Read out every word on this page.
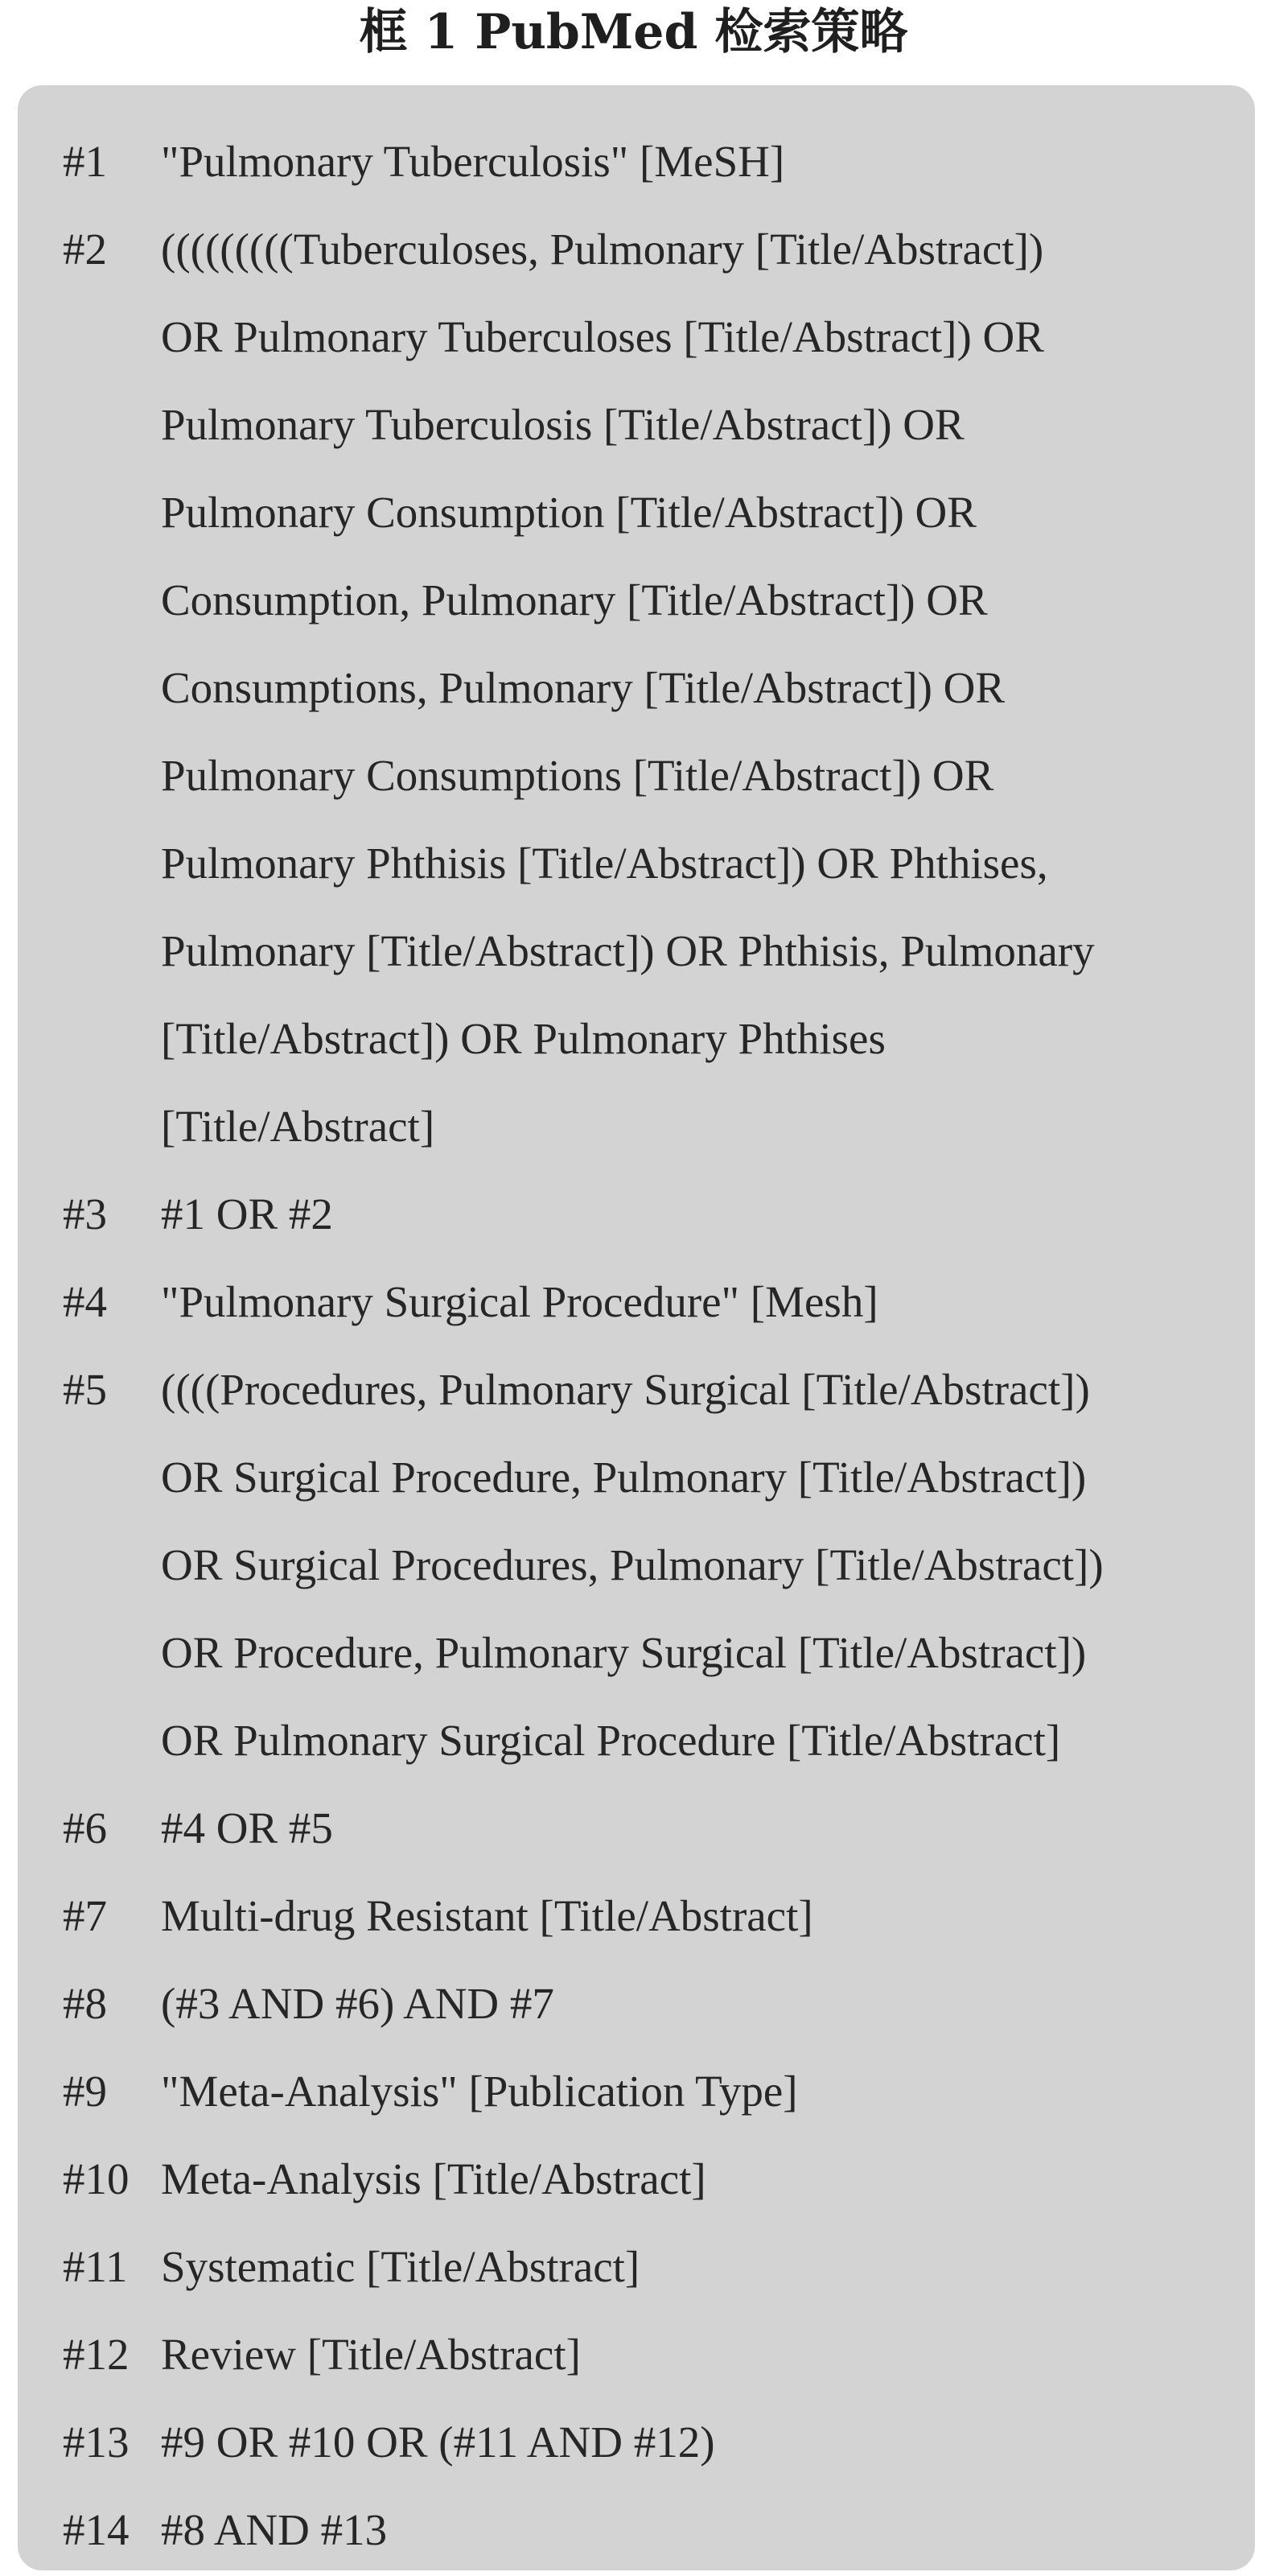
框 1 PubMed 检索策略
#1	"Pulmonary Tuberculosis" [MeSH]
#2	(((((((((Tuberculoses, Pulmonary [Title/Abstract])
OR Pulmonary Tuberculoses [Title/Abstract]) OR
Pulmonary Tuberculosis [Title/Abstract]) OR
Pulmonary Consumption [Title/Abstract]) OR
Consumption, Pulmonary [Title/Abstract]) OR
Consumptions, Pulmonary [Title/Abstract]) OR
Pulmonary Consumptions [Title/Abstract]) OR
Pulmonary Phthisis [Title/Abstract]) OR Phthises,
Pulmonary [Title/Abstract]) OR Phthisis, Pulmonary
[Title/Abstract]) OR Pulmonary Phthises
[Title/Abstract]
#3	#1 OR #2
#4	"Pulmonary Surgical Procedure" [Mesh]
#5	((((Procedures, Pulmonary Surgical [Title/Abstract])
OR Surgical Procedure, Pulmonary [Title/Abstract])
OR Surgical Procedures, Pulmonary [Title/Abstract])
OR Procedure, Pulmonary Surgical [Title/Abstract])
OR Pulmonary Surgical Procedure [Title/Abstract]
#6	#4 OR #5
#7	Multi-drug Resistant [Title/Abstract]
#8	(#3 AND #6) AND #7
#9	"Meta-Analysis" [Publication Type]
#10 Meta-Analysis [Title/Abstract]
#11 Systematic [Title/Abstract]
#12 Review [Title/Abstract]
#13 #9 OR #10 OR (#11 AND #12)
#14 #8 AND #13
